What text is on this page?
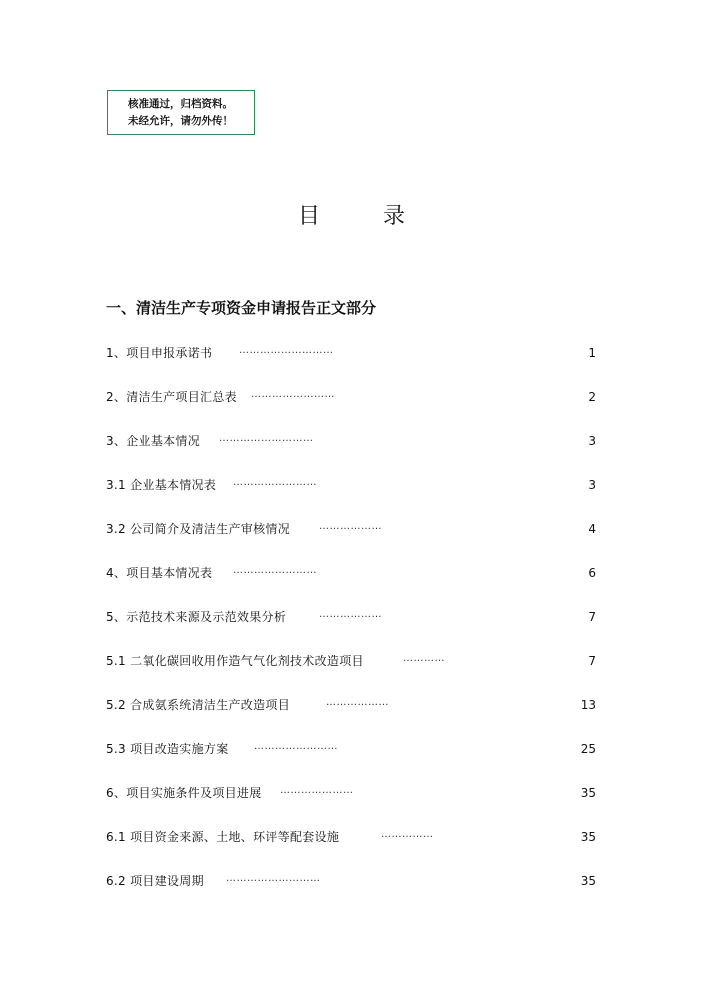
核准通过，归档资料。
未经允许，请勿外传！
目 录
一、清洁生产专项资金申请报告正文部分
1、项目申报承诺书	………………………	1
2、清洁生产项目汇总表 ……………………	2
3、企业基本情况 ………………………	3
3.1 企业基本情况表 ……………………	3
3.2 公司简介及清洁生产审核情况	………………	4
4、项目基本情况表 ……………………	6
5、示范技术来源及示范效果分析	………………	7
5.1 二氧化碳回收用作造气气化剂技术改造项目	…………	7
5.2 合成氨系统清洁生产改造项目	………………	13
5.3 项目改造实施方案	……………………	25
6、项目实施条件及项目进展 …………………	35
6.1 项目资金来源、土地、环评等配套设施	……………	35
6.2 项目建设周期 ………………………	35
